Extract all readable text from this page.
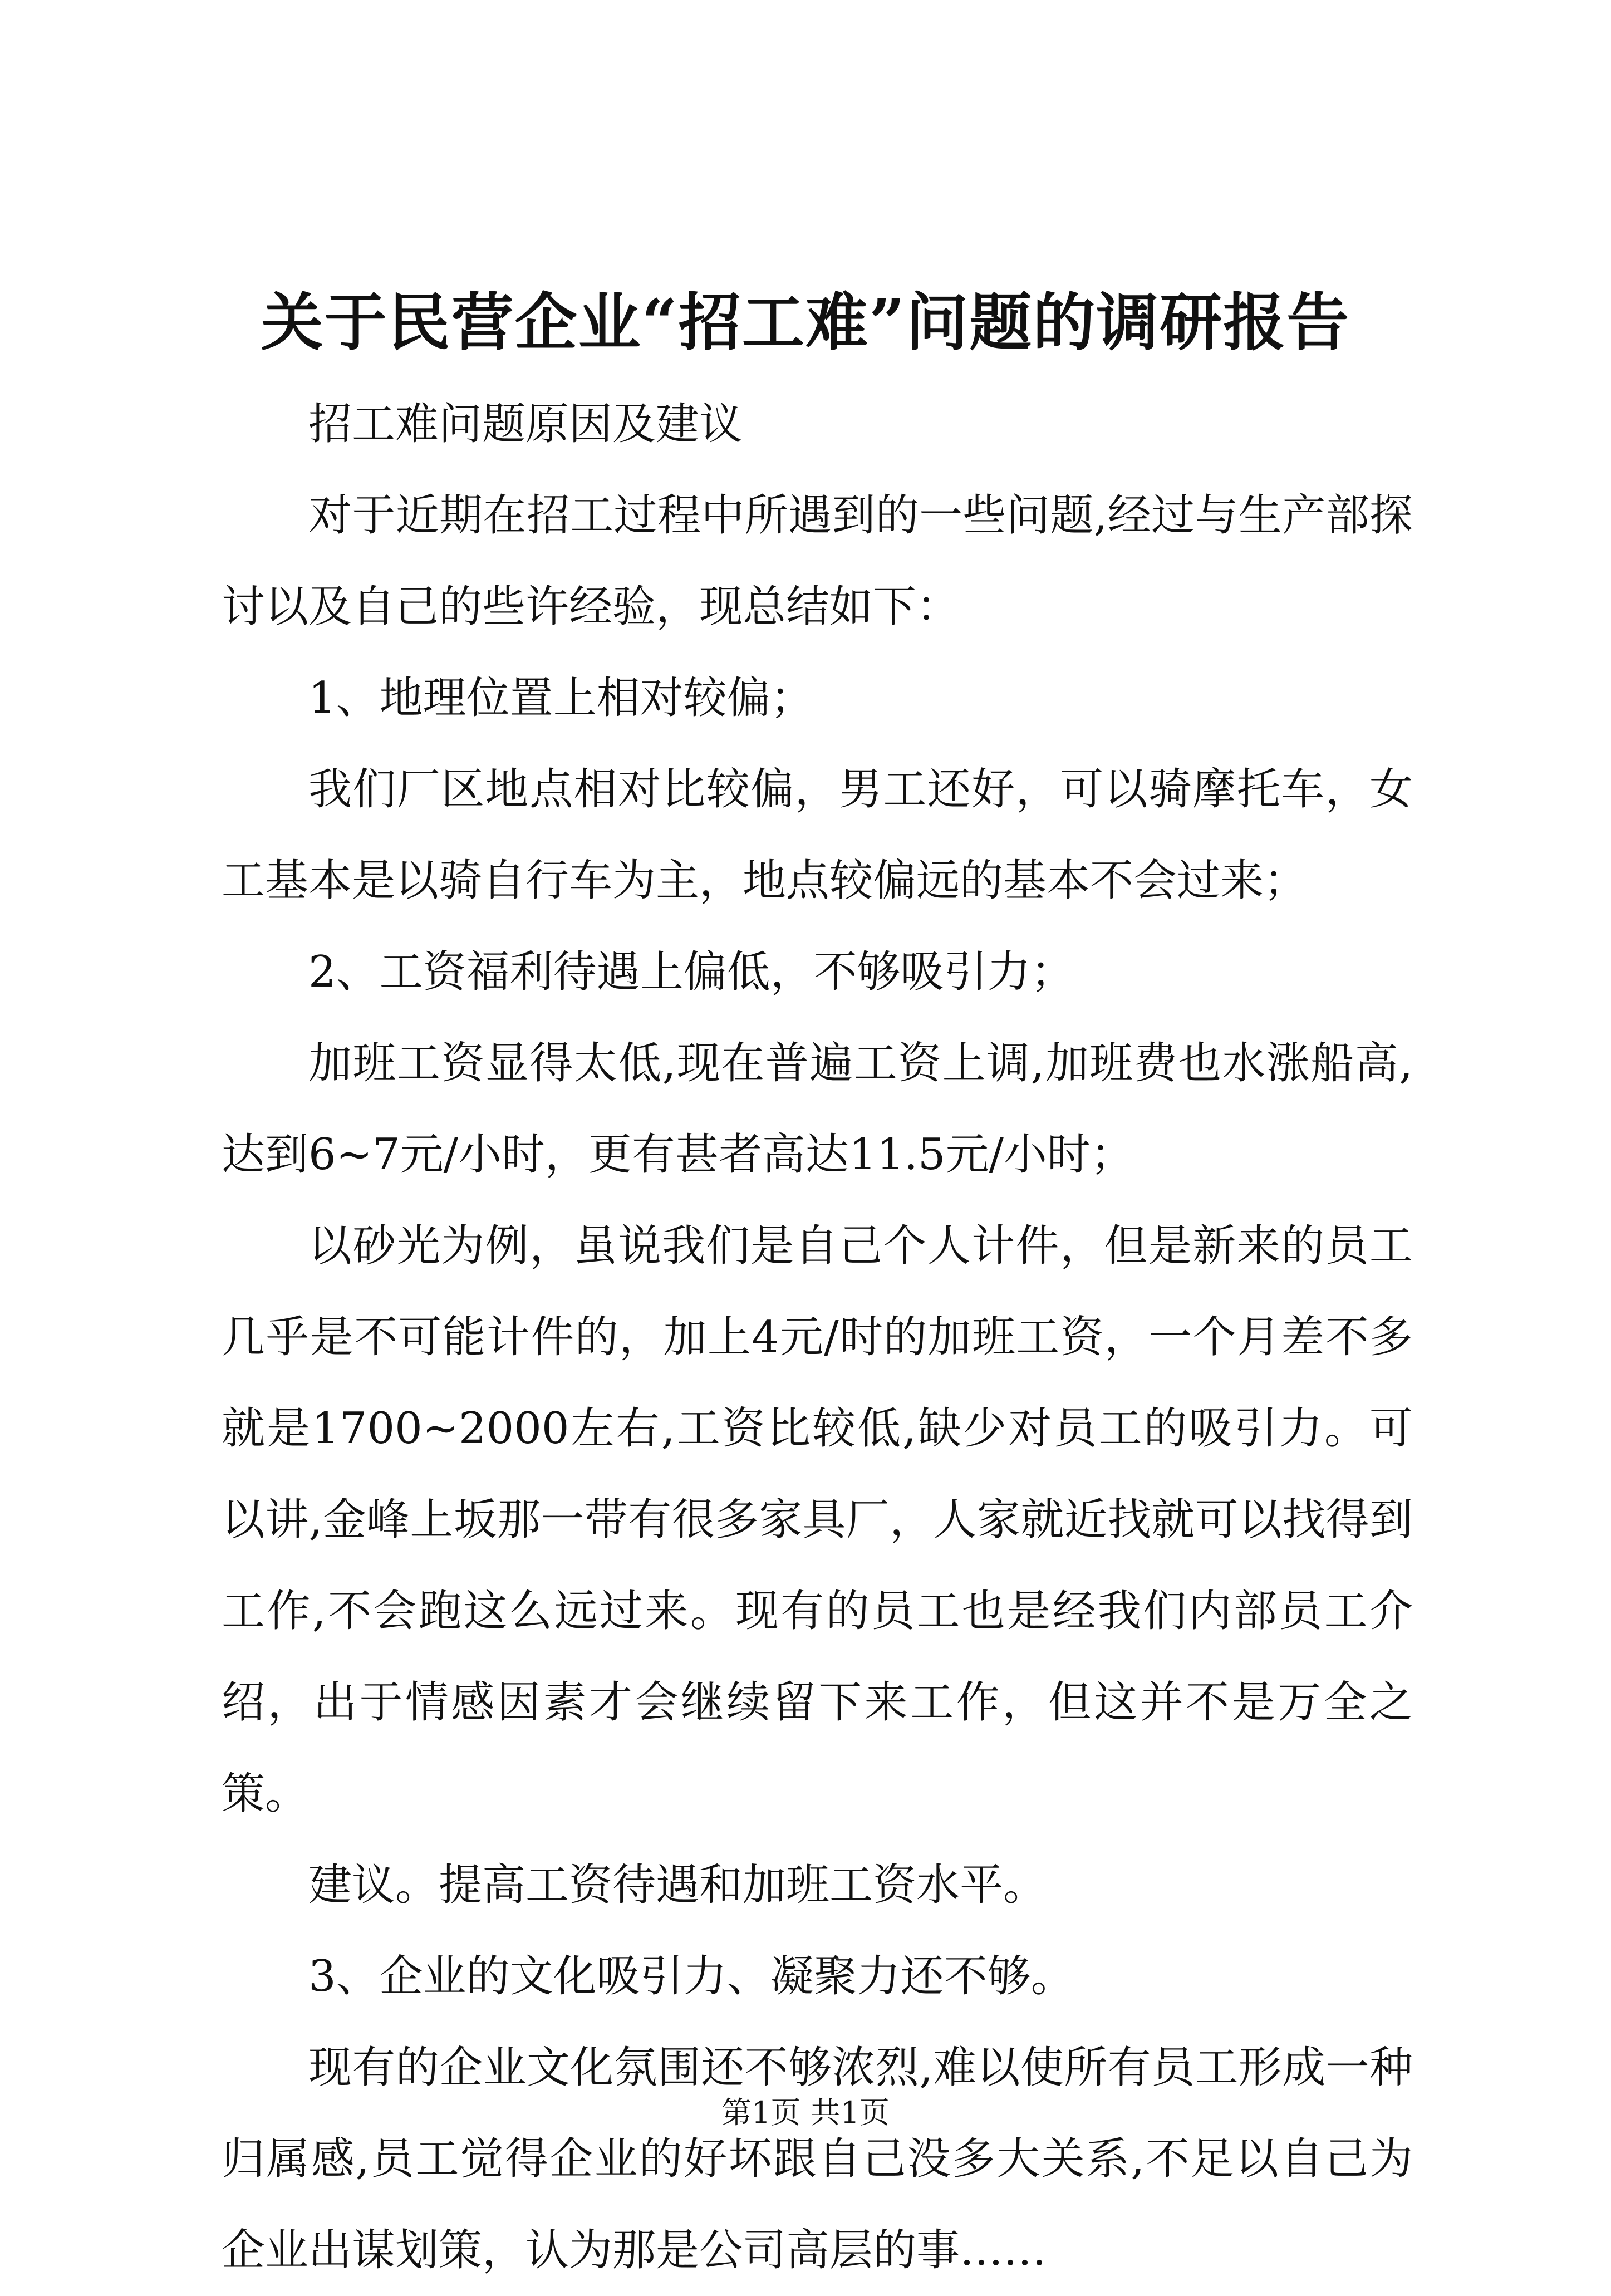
关于民营企业“招工难”问题的调研报告

招工难问题原因及建议

对于近期在招工过程中所遇到的一些问题,经过与生产部探讨以及自己的些许经验，现总结如下：

1、地理位置上相对较偏；

我们厂区地点相对比较偏，男工还好，可以骑摩托车，女工基本是以骑自行车为主，地点较偏远的基本不会过来；

2、工资福利待遇上偏低，不够吸引力；

加班工资显得太低,现在普遍工资上调,加班费也水涨船高,达到6~7元/小时，更有甚者高达11.5元/小时；

以砂光为例，虽说我们是自己个人计件，但是新来的员工几乎是不可能计件的，加上4元/时的加班工资，一个月差不多就是1700~2000左右,工资比较低,缺少对员工的吸引力。可以讲,金峰上坂那一带有很多家具厂，人家就近找就可以找得到工作,不会跑这么远过来。现有的员工也是经我们内部员工介绍，出于情感因素才会继续留下来工作，但这并不是万全之策。

建议。提高工资待遇和加班工资水平。

3、企业的文化吸引力、凝聚力还不够。

现有的企业文化氛围还不够浓烈,难以使所有员工形成一种归属感,员工觉得企业的好坏跟自己没多大关系,不足以自己为企业出谋划策，认为那是公司高层的事……

第1页 共1页
